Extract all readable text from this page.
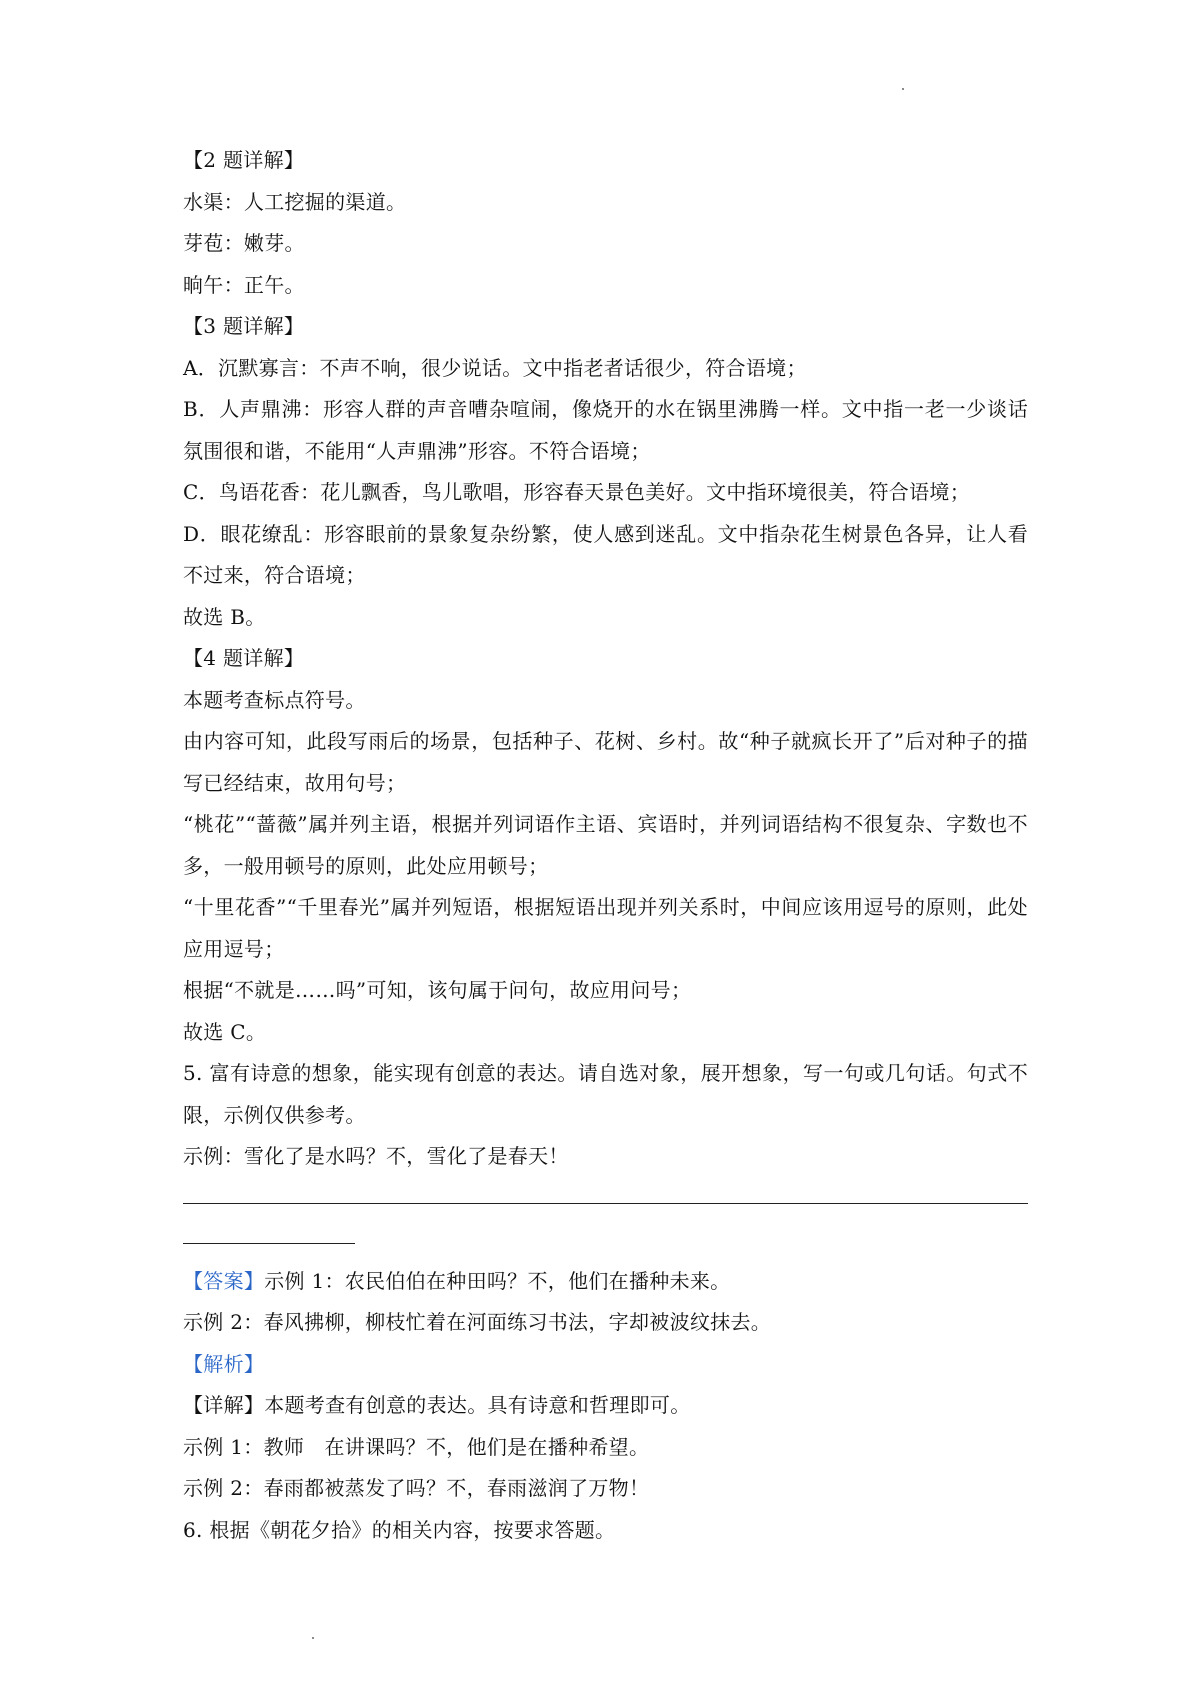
【2 题详解】
水渠：人工挖掘的渠道。
芽苞：嫩芽。
晌午：正午。
【3 题详解】
A．沉默寡言：不声不响，很少说话。文中指老者话很少，符合语境；
B．人声鼎沸：形容人群的声音嘈杂喧闹，像烧开的水在锅里沸腾一样。文中指一老一少谈话氛围很和谐，不能用“人声鼎沸”形容。不符合语境；
C．鸟语花香：花儿飘香，鸟儿歌唱，形容春天景色美好。文中指环境很美，符合语境；
D．眼花缭乱：形容眼前的景象复杂纷繁，使人感到迷乱。文中指杂花生树景色各异，让人看不过来，符合语境；
故选 B。
【4 题详解】
本题考查标点符号。
由内容可知，此段写雨后的场景，包括种子、花树、乡村。故“种子就疯长开了”后对种子的描写已经结束，故用句号；
“桃花”“蔷薇”属并列主语，根据并列词语作主语、宾语时，并列词语结构不很复杂、字数也不多，一般用顿号的原则，此处应用顿号；
“十里花香”“千里春光”属并列短语，根据短语出现并列关系时，中间应该用逗号的原则，此处应用逗号；
根据“不就是……吗”可知，该句属于问句，故应用问号；
故选 C。
5. 富有诗意的想象，能实现有创意的表达。请自选对象，展开想象，写一句或几句话。句式不限，示例仅供参考。
示例：雪化了是水吗？不，雪化了是春天！
【答案】示例 1：农民伯伯在种田吗？不，他们在播种未来。
示例 2：春风拂柳，柳枝忙着在河面练习书法，字却被波纹抹去。
【解析】
【详解】本题考查有创意的表达。具有诗意和哲理即可。
示例 1：教师　在讲课吗？不，他们是在播种希望。
示例 2：春雨都被蒸发了吗？不，春雨滋润了万物！
6. 根据《朝花夕拾》的相关内容，按要求答题。
